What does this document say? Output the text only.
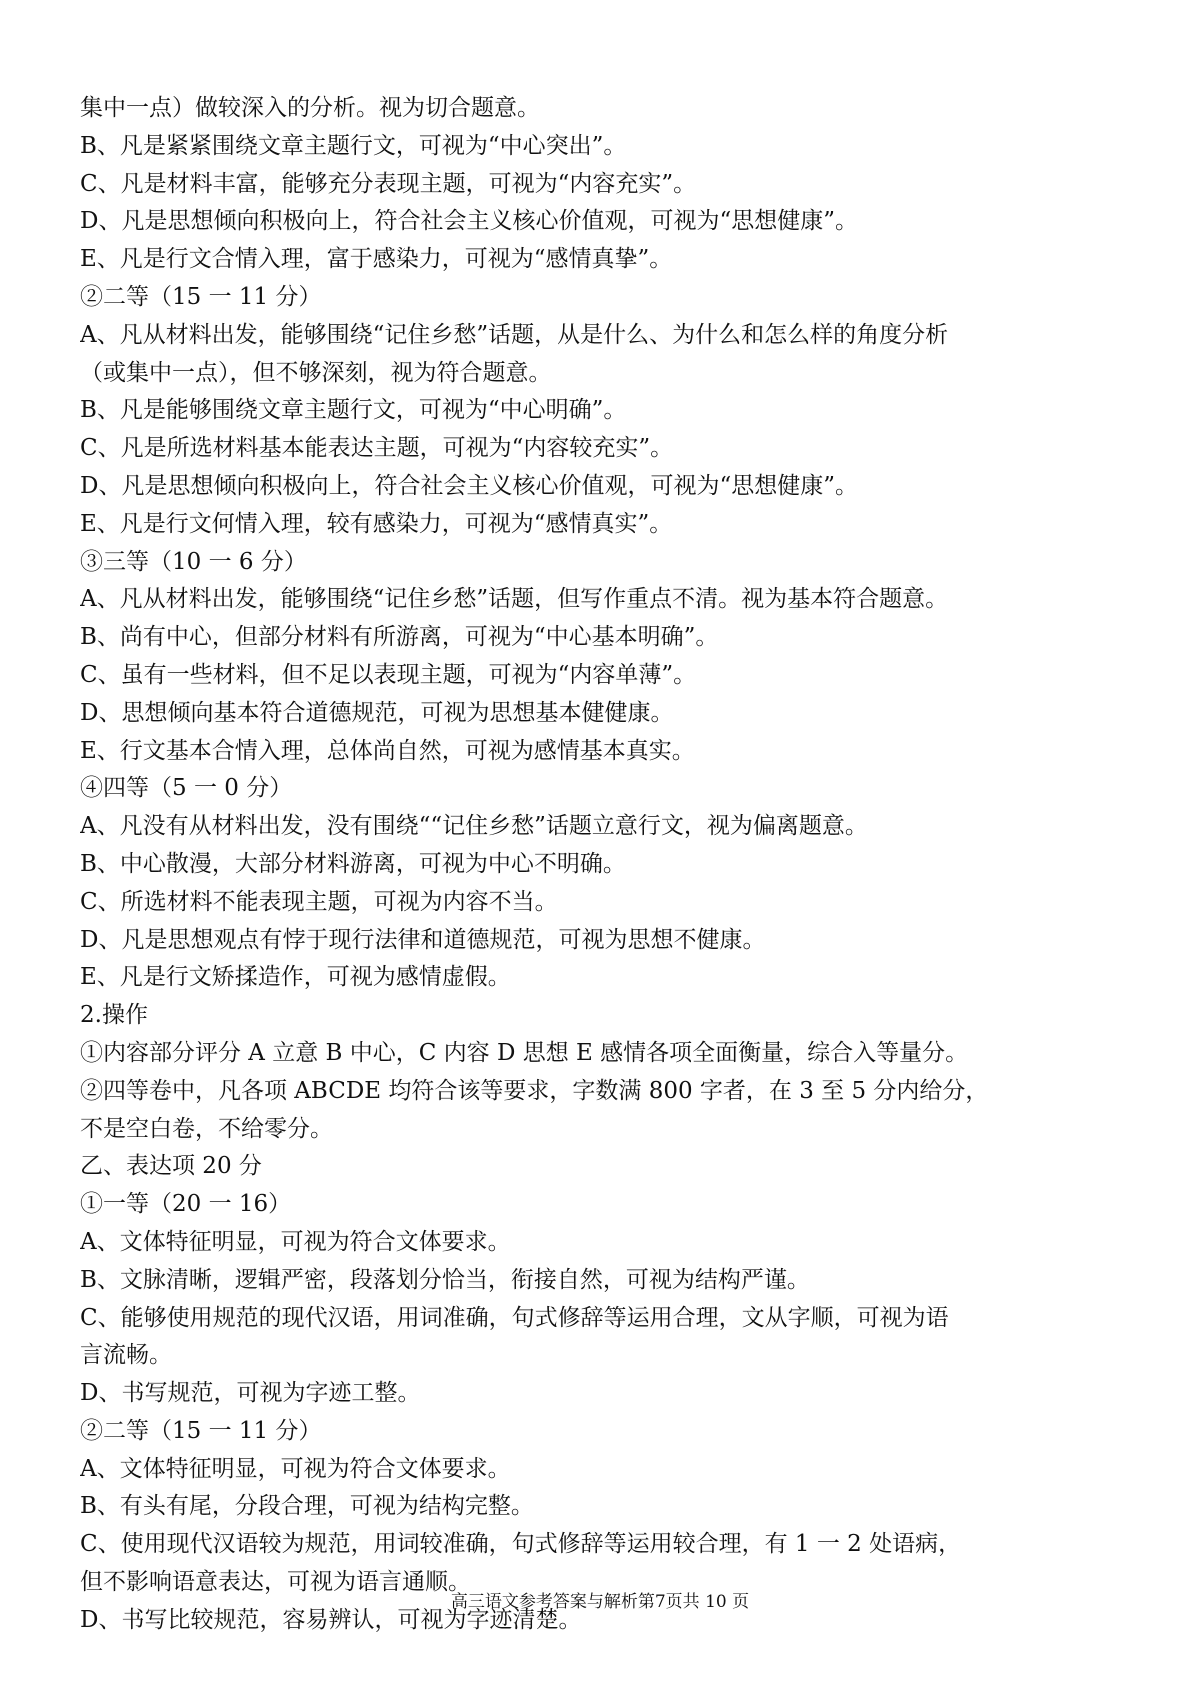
集中一点）做较深入的分析。视为切合题意。
B、凡是紧紧围绕文章主题行文，可视为“中心突出”。
C、凡是材料丰富，能够充分表现主题，可视为“内容充实”。
D、凡是思想倾向积极向上，符合社会主义核心价值观，可视为“思想健康”。
E、凡是行文合情入理，富于感染力，可视为“感情真挚”。
②二等（15 一 11 分）
A、凡从材料出发，能够围绕“记住乡愁”话题，从是什么、为什么和怎么样的角度分析
（或集中一点），但不够深刻，视为符合题意。
B、凡是能够围绕文章主题行文，可视为“中心明确”。
C、凡是所选材料基本能表达主题，可视为“内容较充实”。
D、凡是思想倾向积极向上，符合社会主义核心价值观，可视为“思想健康”。
E、凡是行文何情入理，较有感染力，可视为“感情真实”。
③三等（10 一 6 分）
A、凡从材料出发，能够围绕“记住乡愁”话题，但写作重点不清。视为基本符合题意。
B、尚有中心，但部分材料有所游离，可视为“中心基本明确”。
C、虽有一些材料，但不足以表现主题，可视为“内容单薄”。
D、思想倾向基本符合道德规范，可视为思想基本健健康。
E、行文基本合情入理，总体尚自然，可视为感情基本真实。
④四等（5 一 0 分）
A、凡没有从材料出发，没有围绕““记住乡愁”话题立意行文，视为偏离题意。
B、中心散漫，大部分材料游离，可视为中心不明确。
C、所选材料不能表现主题，可视为内容不当。
D、凡是思想观点有悖于现行法律和道德规范，可视为思想不健康。
E、凡是行文矫揉造作，可视为感情虚假。
2.操作
①内容部分评分 A 立意 B 中心，C 内容 D 思想 E 感情各项全面衡量，综合入等量分。
②四等卷中，凡各项 ABCDE 均符合该等要求，字数满 800 字者，在 3 至 5 分内给分，
不是空白卷，不给零分。
乙、表达项 20 分
①一等（20 一 16）
A、文体特征明显，可视为符合文体要求。
B、文脉清晰，逻辑严密，段落划分恰当，衔接自然，可视为结构严谨。
C、能够使用规范的现代汉语，用词准确，句式修辞等运用合理，文从字顺，可视为语
言流畅。
D、书写规范，可视为字迹工整。
②二等（15 一 11 分）
A、文体特征明显，可视为符合文体要求。
B、有头有尾，分段合理，可视为结构完整。
C、使用现代汉语较为规范，用词较准确，句式修辞等运用较合理，有 1 一 2 处语病，
但不影响语意表达，可视为语言通顺。
D、书写比较规范，容易辨认，可视为字迹清楚。
高三语文参考答案与解析第7页共 10 页
